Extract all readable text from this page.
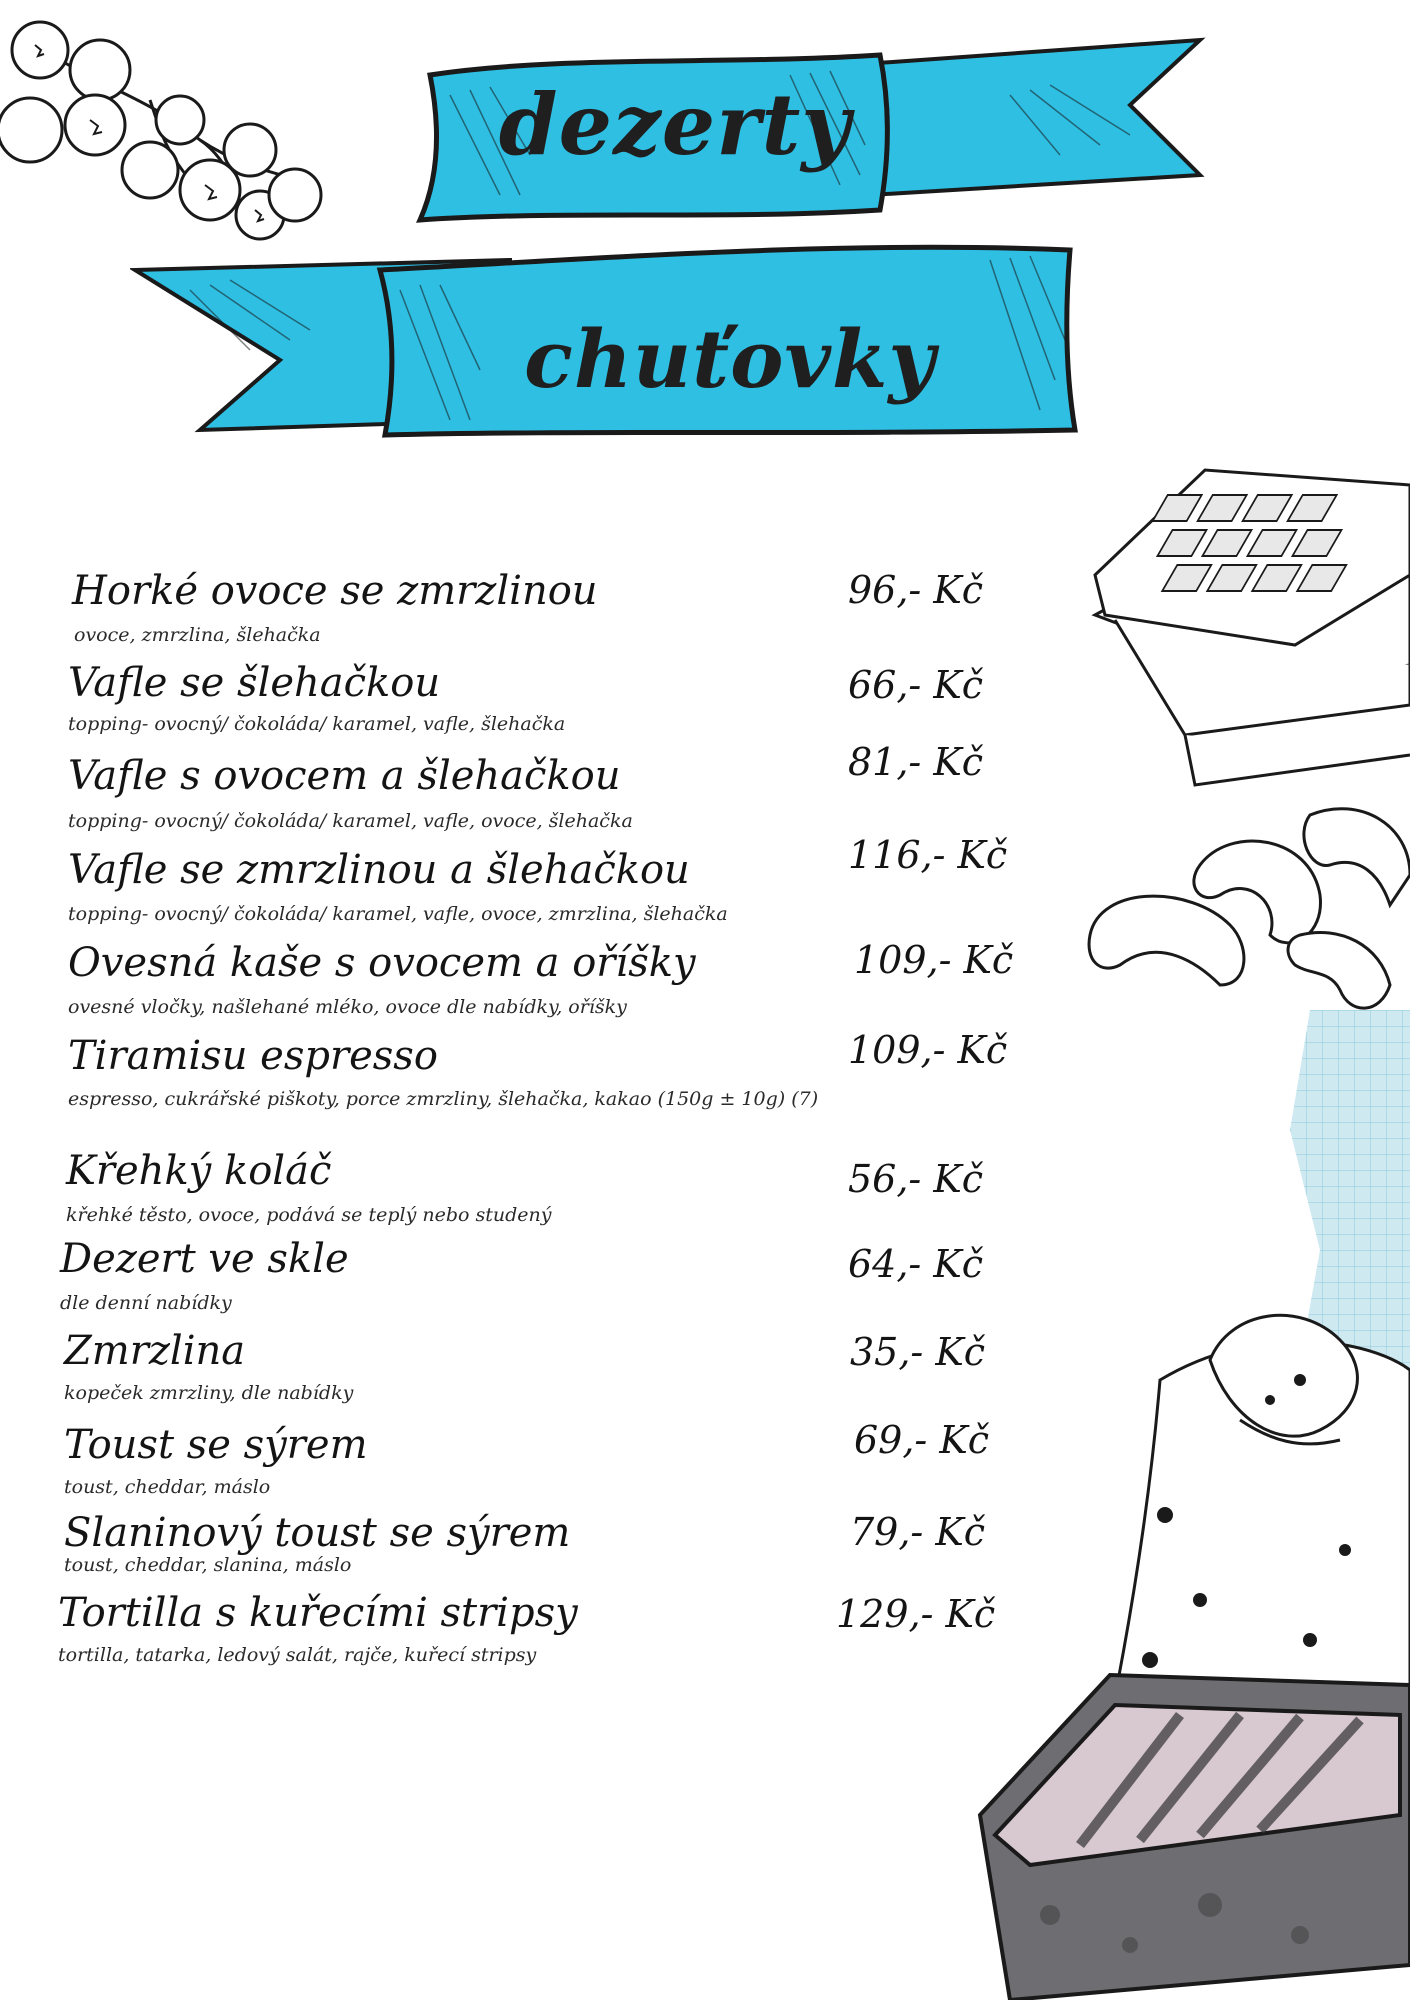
dezerty
chuťovky
Horké ovoce se zmrzlinou
ovoce, zmrzlina, šlehačka
96,- Kč
Vafle se šlehačkou
topping- ovocný/ čokoláda/ karamel, vafle, šlehačka
66,- Kč
Vafle s ovocem a šlehačkou
topping- ovocný/ čokoláda/ karamel, vafle, ovoce, šlehačka
81,- Kč
Vafle se zmrzlinou a šlehačkou
topping- ovocný/ čokoláda/ karamel, vafle, ovoce, zmrzlina, šlehačka
116,- Kč
Ovesná kaše s ovocem a oříšky
ovesné vločky, našlehané mléko, ovoce dle nabídky, oříšky
109,- Kč
Tiramisu espresso
espresso, cukrářské piškoty, porce zmrzliny, šlehačka, kakao (150g ± 10g) (7)
109,- Kč
Křehký koláč
křehké těsto, ovoce, podává se teplý nebo studený
56,- Kč
Dezert ve skle
dle denní nabídky
64,- Kč
Zmrzlina
kopeček zmrzliny, dle nabídky
35,- Kč
Toust se sýrem
toust, cheddar, máslo
69,- Kč
Slaninový toust se sýrem
toust, cheddar, slanina, máslo
79,- Kč
Tortilla s kuřecími stripsy
tortilla, tatarka, ledový salát, rajče, kuřecí stripsy
129,- Kč
